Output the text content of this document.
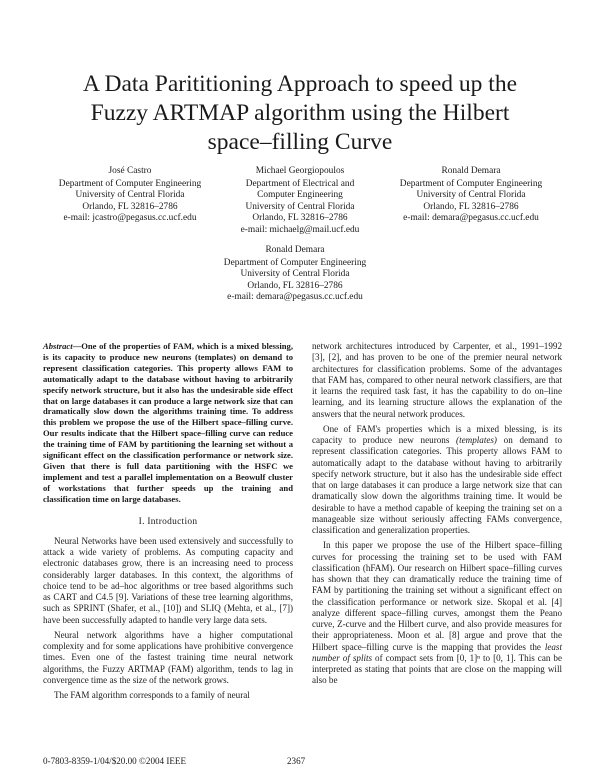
A Data Parititioning Approach to speed up the
Fuzzy ARTMAP algorithm using the Hilbert
space–filling Curve
José Castro
Department of Computer Engineering
University of Central Florida
Orlando, FL 32816–2786
e-mail: jcastro@pegasus.cc.ucf.edu
Michael Georgiopoulos
Department of Electrical and
Computer Engineering
University of Central Florida
Orlando, FL 32816–2786
e-mail: michaelg@mail.ucf.edu
Ronald Demara
Department of Computer Engineering
University of Central Florida
Orlando, FL 32816–2786
e-mail: demara@pegasus.cc.ucf.edu
Ronald Demara
Department of Computer Engineering
University of Central Florida
Orlando, FL 32816–2786
e-mail: demara@pegasus.cc.ucf.edu

Abstract—One of the properties of FAM, which is a mixed blessing, is its capacity to produce new neurons (templates) on demand to represent classification categories. This property allows FAM to automatically adapt to the database without having to arbitrarily specify network structure, but it also has the undesirable side effect that on large databases it can produce a large network size that can dramatically slow down the algorithms training time. To address this problem we propose the use of the Hilbert space–filling curve. Our results indicate that the Hilbert space–filling curve can reduce the training time of FAM by partitioning the learning set without a significant effect on the classification performance or network size. Given that there is full data partitioning with the HSFC we implement and test a parallel implementation on a Beowulf cluster of workstations that further speeds up the training and classification time on large databases.

I. Introduction

Neural Networks have been used extensively and successfully to attack a wide variety of problems. As computing capacity and electronic databases grow, there is an increasing need to process considerably larger databases. In this context, the algorithms of choice tend to be ad–hoc algorithms or tree based algorithms such as CART and C4.5 [9]. Variations of these tree learning algorithms, such as SPRINT (Shafer, et al., [10]) and SLIQ (Mehta, et al., [7]) have been successfully adapted to handle very large data sets.

Neural network algorithms have a higher computational complexity and for some applications have prohibitive convergence times. Even one of the fastest training time neural network algorithms, the Fuzzy ARTMAP (FAM) algorithm, tends to lag in convergence time as the size of the network grows.

The FAM algorithm corresponds to a family of neural

network architectures introduced by Carpenter, et al., 1991–1992 [3], [2], and has proven to be one of the premier neural network architectures for classification problems. Some of the advantages that FAM has, compared to other neural network classifiers, are that it learns the required task fast, it has the capability to do on–line learning, and its learning structure allows the explanation of the answers that the neural network produces.

One of FAM's properties which is a mixed blessing, is its capacity to produce new neurons (templates) on demand to represent classification categories. This property allows FAM to automatically adapt to the database without having to arbitrarily specify network structure, but it also has the undesirable side effect that on large databases it can produce a large network size that can dramatically slow down the algorithms training time. It would be desirable to have a method capable of keeping the training set on a manageable size without seriously affecting FAMs convergence, classification and generalization properties.

In this paper we propose the use of the Hilbert space–filling curves for processing the training set to be used with FAM classification (hFAM). Our research on Hilbert space–filling curves has shown that they can dramatically reduce the training time of FAM by partitioning the training set without a significant effect on the classification performance or network size. Skopal et al. [4] analyze different space–filling curves, amongst them the Peano curve, Z-curve and the Hilbert curve, and also provide measures for their appropriateness. Moon et al. [8] argue and prove that the Hilbert space–filling curve is the mapping that provides the least number of splits of compact sets from [0, 1]ⁿ to [0, 1]. This can be interpreted as stating that points that are close on the mapping will also be

0-7803-8359-1/04/$20.00 ©2004 IEEE	2367
